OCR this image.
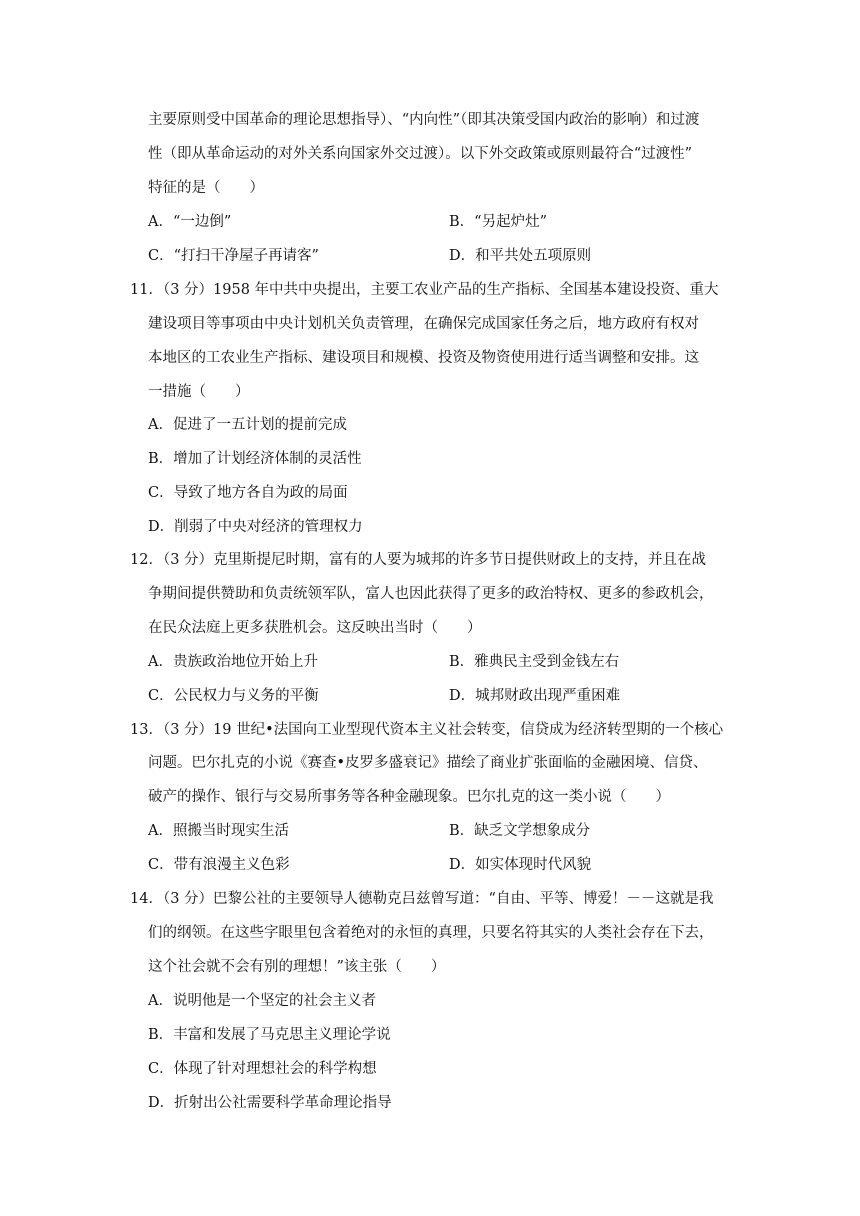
主要原则受中国革命的理论思想指导）、“内向性”（即其决策受国内政治的影响）和过渡
性（即从革命运动的对外关系向国家外交过渡）。以下外交政策或原则最符合“过渡性”
特征的是（　　）
A．“一边倒”	B．“另起炉灶”
C．“打扫干净屋子再请客”	D．和平共处五项原则
11．（3 分）1958 年中共中央提出，主要工农业产品的生产指标、全国基本建设投资、重大
建设项目等事项由中央计划机关负责管理，在确保完成国家任务之后，地方政府有权对
本地区的工农业生产指标、建设项目和规模、投资及物资使用进行适当调整和安排。这
一措施（　　）
A．促进了一五计划的提前完成
B．增加了计划经济体制的灵活性
C．导致了地方各自为政的局面
D．削弱了中央对经济的管理权力
12．（3 分）克里斯提尼时期，富有的人要为城邦的许多节日提供财政上的支持，并且在战
争期间提供赞助和负责统领军队，富人也因此获得了更多的政治特权、更多的参政机会，
在民众法庭上更多获胜机会。这反映出当时（　　）
A．贵族政治地位开始上升	B．雅典民主受到金钱左右
C．公民权力与义务的平衡	D．城邦财政出现严重困难
13．（3 分）19 世纪•法国向工业型现代资本主义社会转变，信贷成为经济转型期的一个核心
问题。巴尔扎克的小说《赛查•皮罗多盛衰记》描绘了商业扩张面临的金融困境、信贷、
破产的操作、银行与交易所事务等各种金融现象。巴尔扎克的这一类小说（　　）
A．照搬当时现实生活	B．缺乏文学想象成分
C．带有浪漫主义色彩	D．如实体现时代风貌
14．（3 分）巴黎公社的主要领导人德勒克吕兹曾写道：“自由、平等、博爱！－－这就是我
们的纲领。在这些字眼里包含着绝对的永恒的真理，只要名符其实的人类社会存在下去，
这个社会就不会有别的理想！”该主张（　　）
A．说明他是一个坚定的社会主义者
B．丰富和发展了马克思主义理论学说
C．体现了针对理想社会的科学构想
D．折射出公社需要科学革命理论指导
